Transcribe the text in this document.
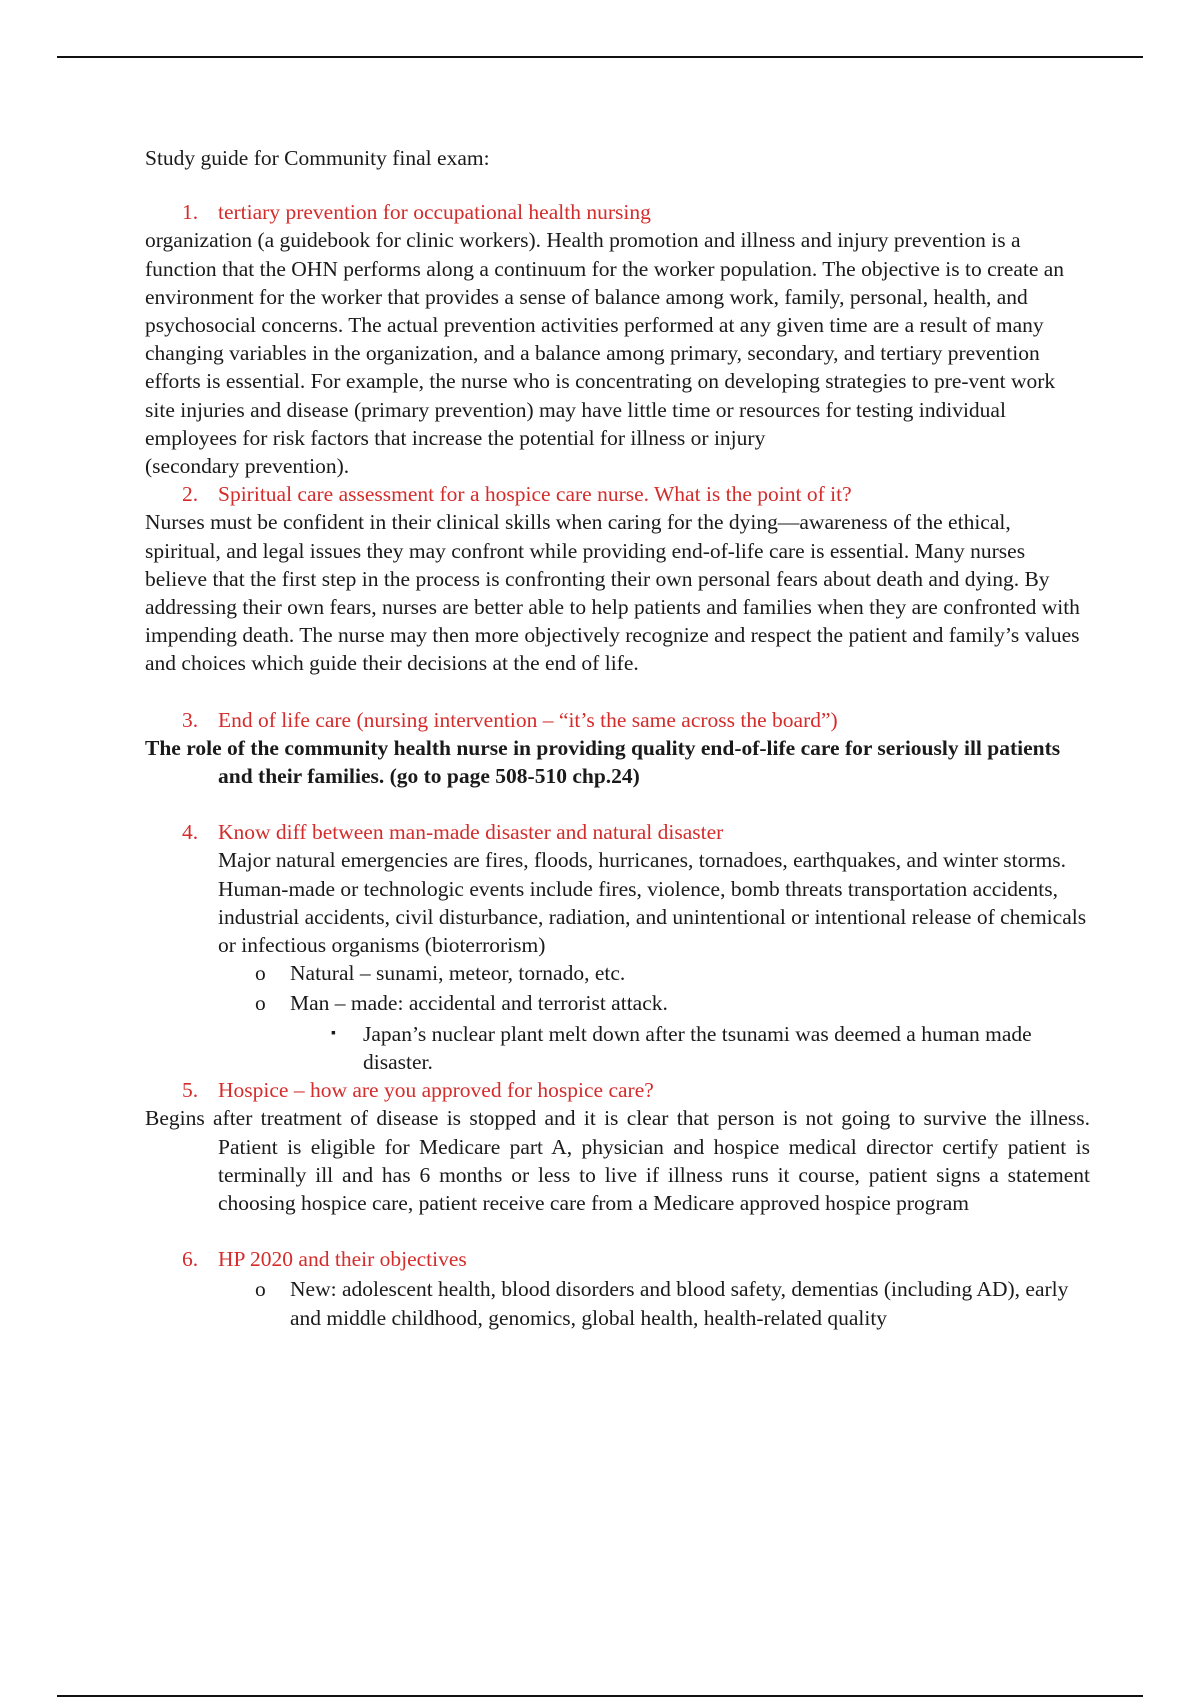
Study guide for Community final exam:

1. tertiary prevention for occupational health nursing

organization (a guidebook for clinic workers). Health promotion and illness and injury prevention is a function that the OHN performs along a continuum for the worker population. The objective is to create an environment for the worker that provides a sense of balance among work, family, personal, health, and psychosocial concerns. The actual prevention activities performed at any given time are a result of many changing variables in the organization, and a balance among primary, secondary, and tertiary prevention efforts is essential. For example, the nurse who is concentrating on developing strategies to pre-vent work site injuries and disease (primary prevention) may have little time or resources for testing individual employees for risk factors that increase the potential for illness or injury

(secondary prevention).

2. Spiritual care assessment for a hospice care nurse. What is the point of it?

Nurses must be confident in their clinical skills when caring for the dying—awareness of the ethical, spiritual, and legal issues they may confront while providing end-of-life care is essential. Many nurses believe that the first step in the process is confronting their own personal fears about death and dying. By addressing their own fears, nurses are better able to help patients and families when they are confronted with impending death. The nurse may then more objectively recognize and respect the patient and family’s values and choices which guide their decisions at the end of life.

3. End of life care (nursing intervention – “it’s the same across the board”)

The role of the community health nurse in providing quality end-of-life care for seriously ill patients and their families. (go to page 508-510 chp.24)

4. Know diff between man-made disaster and natural disaster

Major natural emergencies are fires, floods, hurricanes, tornadoes, earthquakes, and winter storms. Human-made or technologic events include fires, violence, bomb threats transportation accidents, industrial accidents, civil disturbance, radiation, and unintentional or intentional release of chemicals or infectious organisms (bioterrorism)

o Natural – sunami, meteor, tornado, etc.
o Man – made: accidental and terrorist attack.
▪ Japan’s nuclear plant melt down after the tsunami was deemed a human made disaster.
5. Hospice – how are you approved for hospice care?

Begins after treatment of disease is stopped and it is clear that person is not going to survive the illness. Patient is eligible for Medicare part A, physician and hospice medical director certify patient is terminally ill and has 6 months or less to live if illness runs it course, patient signs a statement choosing hospice care, patient receive care from a Medicare approved hospice program

6. HP 2020 and their objectives
o New: adolescent health, blood disorders and blood safety, dementias (including AD), early and middle childhood, genomics, global health, health-related quality
